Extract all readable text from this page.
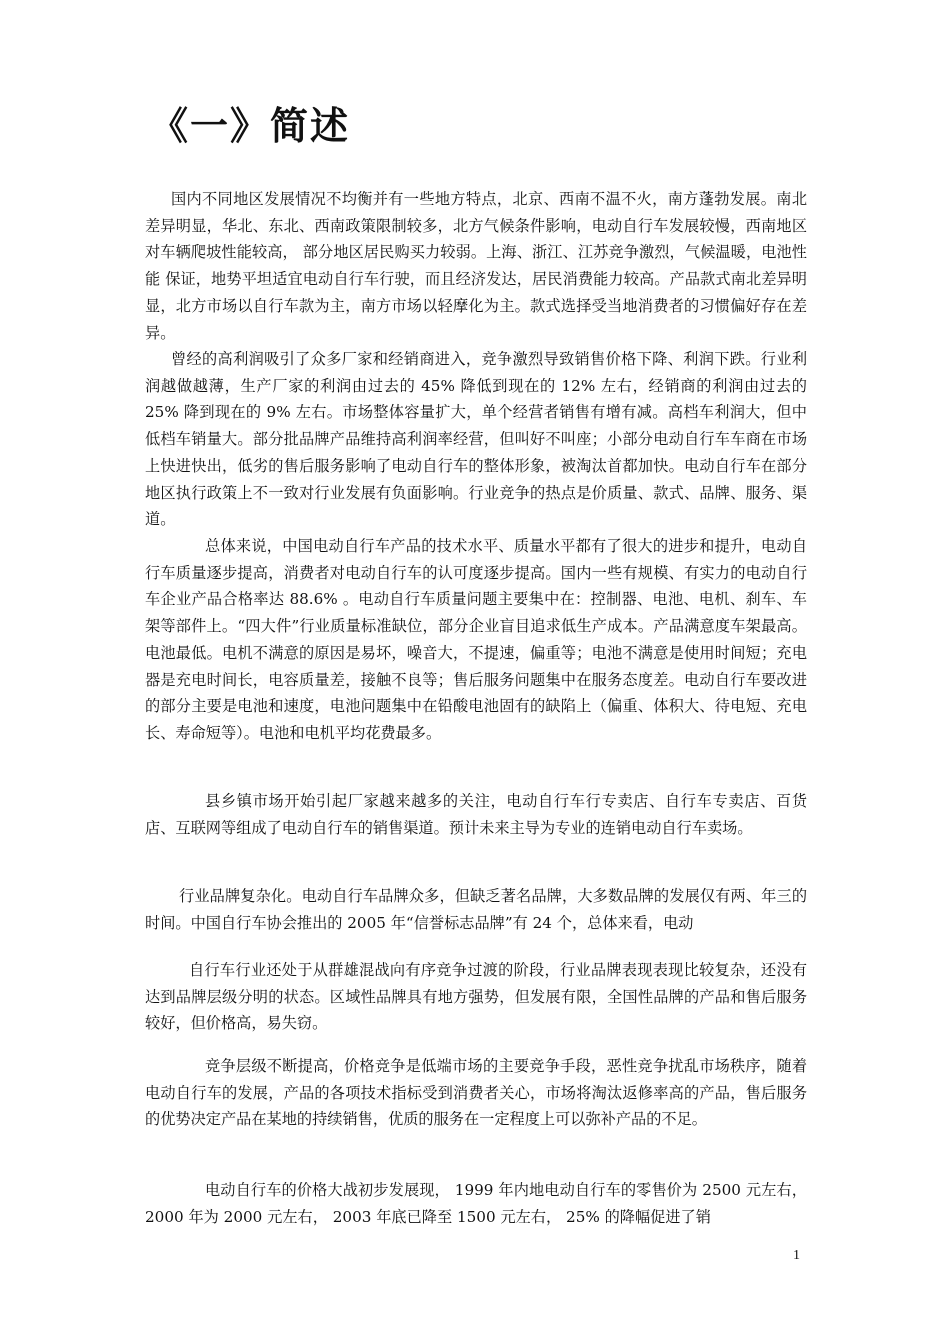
《一》简述

国内不同地区发展情况不均衡并有一些地方特点，北京、西南不温不火，南方蓬勃发展。南北差异明显，华北、东北、西南政策限制较多，北方气候条件影响，电动自行车发展较慢，西南地区对车辆爬坡性能较高， 部分地区居民购买力较弱。上海、浙江、江苏竞争激烈，气候温暖，电池性能 保证，地势平坦适宜电动自行车行驶，而且经济发达，居民消费能力较高。产品款式南北差异明显，北方市场以自行车款为主，南方市场以轻摩化为主。款式选择受当地消费者的习惯偏好存在差异。

曾经的高利润吸引了众多厂家和经销商进入，竞争激烈导致销售价格下降、利润下跌。行业利润越做越薄，生产厂家的利润由过去的 45% 降低到现在的 12% 左右，经销商的利润由过去的 25% 降到现在的 9% 左右。市场整体容量扩大，单个经营者销售有增有减。高档车利润大，但中低档车销量大。部分批品牌产品维持高利润率经营，但叫好不叫座；小部分电动自行车车商在市场上快进快出，低劣的售后服务影响了电动自行车的整体形象，被淘汰首都加快。电动自行车在部分地区执行政策上不一致对行业发展有负面影响。行业竞争的热点是价质量、款式、品牌、服务、渠道。

总体来说，中国电动自行车产品的技术水平、质量水平都有了很大的进步和提升，电动自行车质量逐步提高，消费者对电动自行车的认可度逐步提高。国内一些有规模、有实力的电动自行车企业产品合格率达 88.6% 。电动自行车质量问题主要集中在：控制器、电池、电机、刹车、车架等部件上。“四大件”行业质量标准缺位，部分企业盲目追求低生产成本。产品满意度车架最高。电池最低。电机不满意的原因是易坏，噪音大，不提速，偏重等；电池不满意是使用时间短；充电器是充电时间长，电容质量差，接触不良等；售后服务问题集中在服务态度差。电动自行车要改进的部分主要是电池和速度，电池问题集中在铅酸电池固有的缺陷上（偏重、体积大、待电短、充电长、寿命短等）。电池和电机平均花费最多。

县乡镇市场开始引起厂家越来越多的关注，电动自行车行专卖店、自行车专卖店、百货店、互联网等组成了电动自行车的销售渠道。预计未来主导为专业的连销电动自行车卖场。

行业品牌复杂化。电动自行车品牌众多，但缺乏著名品牌，大多数品牌的发展仅有两、年三的时间。中国自行车协会推出的 2005 年“信誉标志品牌”有 24 个，总体来看，电动

自行车行业还处于从群雄混战向有序竞争过渡的阶段，行业品牌表现表现比较复杂，还没有达到品牌层级分明的状态。区域性品牌具有地方强势，但发展有限，全国性品牌的产品和售后服务较好，但价格高，易失窃。

竞争层级不断提高，价格竞争是低端市场的主要竞争手段，恶性竞争扰乱市场秩序，随着电动自行车的发展，产品的各项技术指标受到消费者关心，市场将淘汰返修率高的产品，售后服务的优势决定产品在某地的持续销售，优质的服务在一定程度上可以弥补产品的不足。

电动自行车的价格大战初步发展现， 1999 年内地电动自行车的零售价为 2500 元左右， 2000 年为 2000 元左右， 2003 年底已降至 1500 元左右， 25% 的降幅促进了销

1
